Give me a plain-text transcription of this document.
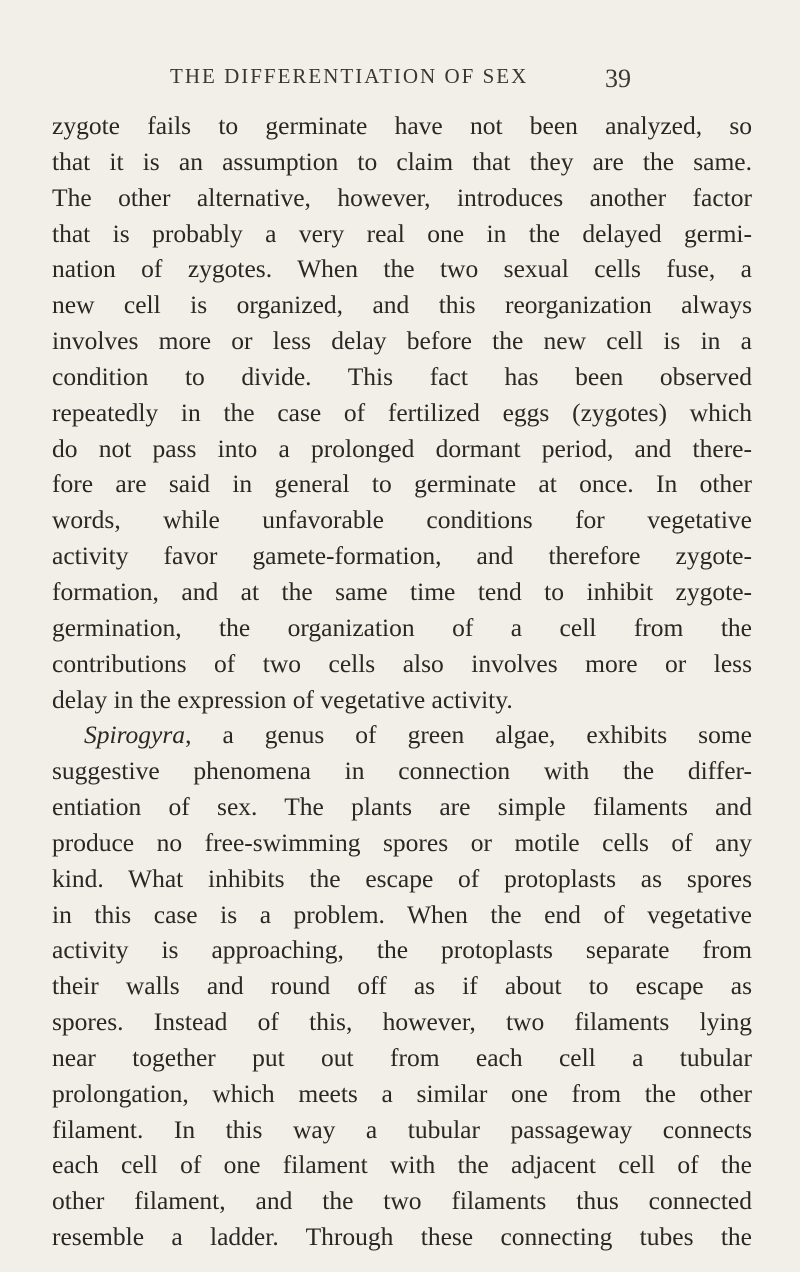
THE DIFFERENTIATION OF SEX	39
zygote fails to germinate have not been analyzed, so
that it is an assumption to claim that they are the same.
The other alternative, however, introduces another factor
that is probably a very real one in the delayed germi-
nation of zygotes. When the two sexual cells fuse, a
new cell is organized, and this reorganization always
involves more or less delay before the new cell is in a
condition to divide. This fact has been observed
repeatedly in the case of fertilized eggs (zygotes) which
do not pass into a prolonged dormant period, and there-
fore are said in general to germinate at once. In other
words, while unfavorable conditions for vegetative
activity favor gamete-formation, and therefore zygote-
formation, and at the same time tend to inhibit zygote-
germination, the organization of a cell from the
contributions of two cells also involves more or less
delay in the expression of vegetative activity.
Spirogyra, a genus of green algae, exhibits some
suggestive phenomena in connection with the differ-
entiation of sex. The plants are simple filaments and
produce no free-swimming spores or motile cells of any
kind. What inhibits the escape of protoplasts as spores
in this case is a problem. When the end of vegetative
activity is approaching, the protoplasts separate from
their walls and round off as if about to escape as
spores. Instead of this, however, two filaments lying
near together put out from each cell a tubular
prolongation, which meets a similar one from the other
filament. In this way a tubular passageway connects
each cell of one filament with the adjacent cell of the
other filament, and the two filaments thus connected
resemble a ladder. Through these connecting tubes the
